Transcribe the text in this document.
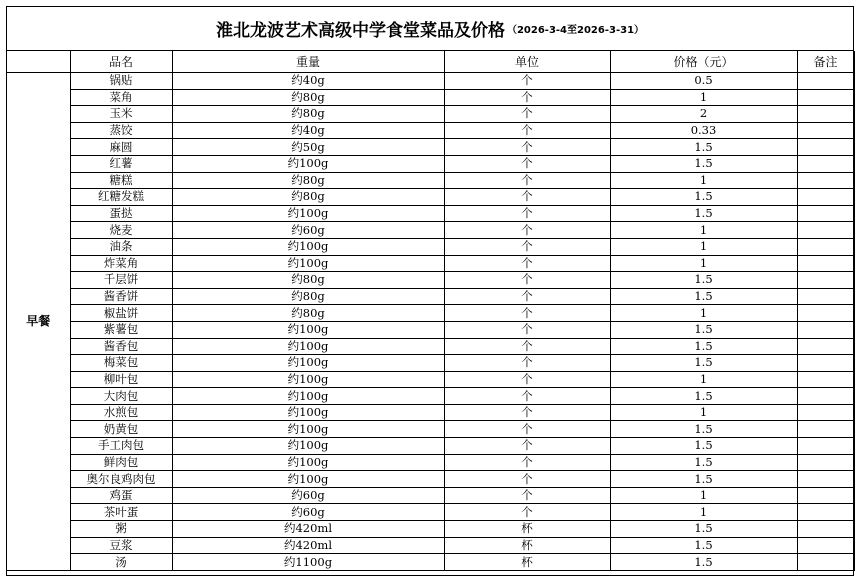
淮北龙波艺术高级中学食堂菜品及价格 （2026-3-4至2026-3-31）
	品名	重量	单位	价格（元）	备注
早餐	锅贴	约40g	个	0.5	
	菜角	约80g	个	1	
	玉米	约80g	个	2	
	蒸饺	约40g	个	0.33	
	麻圆	约50g	个	1.5	
	红薯	约100g	个	1.5	
	糖糕	约80g	个	1	
	红糖发糕	约80g	个	1.5	
	蛋挞	约100g	个	1.5	
	烧麦	约60g	个	1	
	油条	约100g	个	1	
	炸菜角	约100g	个	1	
	千层饼	约80g	个	1.5	
	酱香饼	约80g	个	1.5	
	椒盐饼	约80g	个	1	
	紫薯包	约100g	个	1.5	
	酱香包	约100g	个	1.5	
	梅菜包	约100g	个	1.5	
	柳叶包	约100g	个	1	
	大肉包	约100g	个	1.5	
	水煎包	约100g	个	1	
	奶黄包	约100g	个	1.5	
	手工肉包	约100g	个	1.5	
	鲜肉包	约100g	个	1.5	
	奥尔良鸡肉包	约100g	个	1.5	
	鸡蛋	约60g	个	1	
	茶叶蛋	约60g	个	1	
	粥	约420ml	杯	1.5	
	豆浆	约420ml	杯	1.5	
	汤	约1100g	杯	1.5	
